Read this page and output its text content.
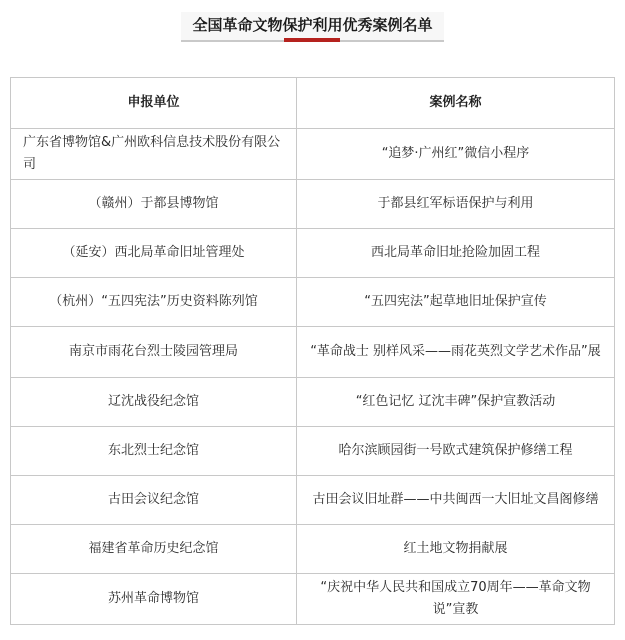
全国革命文物保护利用优秀案例名单
申报单位	案例名称
广东省博物馆&广州欧科信息技术股份有限公司	“追梦·广州红”微信小程序
（赣州）于都县博物馆	于都县红军标语保护与利用
（延安）西北局革命旧址管理处	西北局革命旧址抢险加固工程
（杭州）“五四宪法”历史资料陈列馆	“五四宪法”起草地旧址保护宣传
南京市雨花台烈士陵园管理局	“革命战士 别样风采——雨花英烈文学艺术作品”展
辽沈战役纪念馆	“红色记忆 辽沈丰碑”保护宣教活动
东北烈士纪念馆	哈尔滨顾园街一号欧式建筑保护修缮工程
古田会议纪念馆	古田会议旧址群——中共闽西一大旧址文昌阁修缮
福建省革命历史纪念馆	红土地文物捐献展
苏州革命博物馆	“庆祝中华人民共和国成立70周年——革命文物说”宣教
